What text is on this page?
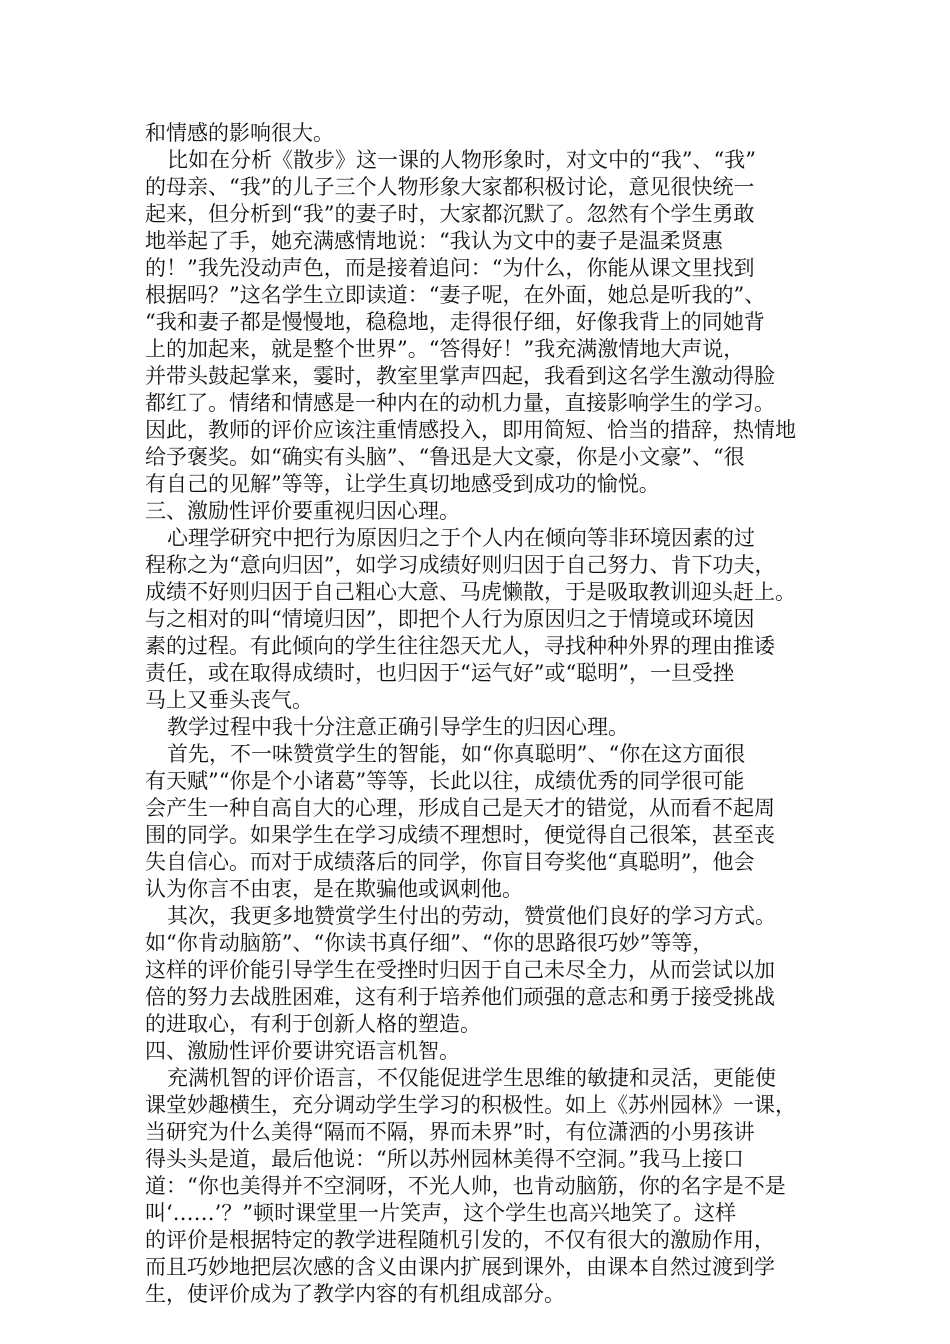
和情感的影响很大。
比如在分析《散步》这一课的人物形象时，对文中的“我”、“我”
的母亲、“我”的儿子三个人物形象大家都积极讨论，意见很快统一
起来，但分析到“我”的妻子时，大家都沉默了。忽然有个学生勇敢
地举起了手，她充满感情地说：“我认为文中的妻子是温柔贤惠
的！”我先没动声色，而是接着追问：“为什么，你能从课文里找到
根据吗？”这名学生立即读道：“妻子呢，在外面，她总是听我的”、
“我和妻子都是慢慢地，稳稳地，走得很仔细，好像我背上的同她背
上的加起来，就是整个世界”。“答得好！”我充满激情地大声说，
并带头鼓起掌来，霎时，教室里掌声四起，我看到这名学生激动得脸
都红了。情绪和情感是一种内在的动机力量，直接影响学生的学习。
因此，教师的评价应该注重情感投入，即用简短、恰当的措辞，热情地
给予褒奖。如“确实有头脑”、“鲁迅是大文豪，你是小文豪”、“很
有自己的见解”等等，让学生真切地感受到成功的愉悦。
三、激励性评价要重视归因心理。
心理学研究中把行为原因归之于个人内在倾向等非环境因素的过
程称之为“意向归因”，如学习成绩好则归因于自己努力、肯下功夫，
成绩不好则归因于自己粗心大意、马虎懒散，于是吸取教训迎头赶上。
与之相对的叫“情境归因”，即把个人行为原因归之于情境或环境因
素的过程。有此倾向的学生往往怨天尤人，寻找种种外界的理由推诿
责任，或在取得成绩时，也归因于“运气好”或“聪明”，一旦受挫
马上又垂头丧气。
教学过程中我十分注意正确引导学生的归因心理。
首先，不一味赞赏学生的智能，如“你真聪明”、“你在这方面很
有天赋”“你是个小诸葛”等等，长此以往，成绩优秀的同学很可能
会产生一种自高自大的心理，形成自己是天才的错觉，从而看不起周
围的同学。如果学生在学习成绩不理想时，便觉得自己很笨，甚至丧
失自信心。而对于成绩落后的同学，你盲目夸奖他“真聪明”，他会
认为你言不由衷，是在欺骗他或讽刺他。
其次，我更多地赞赏学生付出的劳动，赞赏他们良好的学习方式。
如“你肯动脑筋”、“你读书真仔细”、“你的思路很巧妙”等等，
这样的评价能引导学生在受挫时归因于自己未尽全力，从而尝试以加
倍的努力去战胜困难，这有利于培养他们顽强的意志和勇于接受挑战
的进取心，有利于创新人格的塑造。
四、激励性评价要讲究语言机智。
充满机智的评价语言，不仅能促进学生思维的敏捷和灵活，更能使
课堂妙趣横生，充分调动学生学习的积极性。如上《苏州园林》一课，
当研究为什么美得“隔而不隔，界而未界”时，有位潇洒的小男孩讲
得头头是道，最后他说：“所以苏州园林美得不空洞。”我马上接口
道：“你也美得并不空洞呀，不光人帅，也肯动脑筋，你的名字是不是
叫‘……’？”顿时课堂里一片笑声，这个学生也高兴地笑了。这样
的评价是根据特定的教学进程随机引发的，不仅有很大的激励作用，
而且巧妙地把层次感的含义由课内扩展到课外，由课本自然过渡到学
生，使评价成为了教学内容的有机组成部分。
